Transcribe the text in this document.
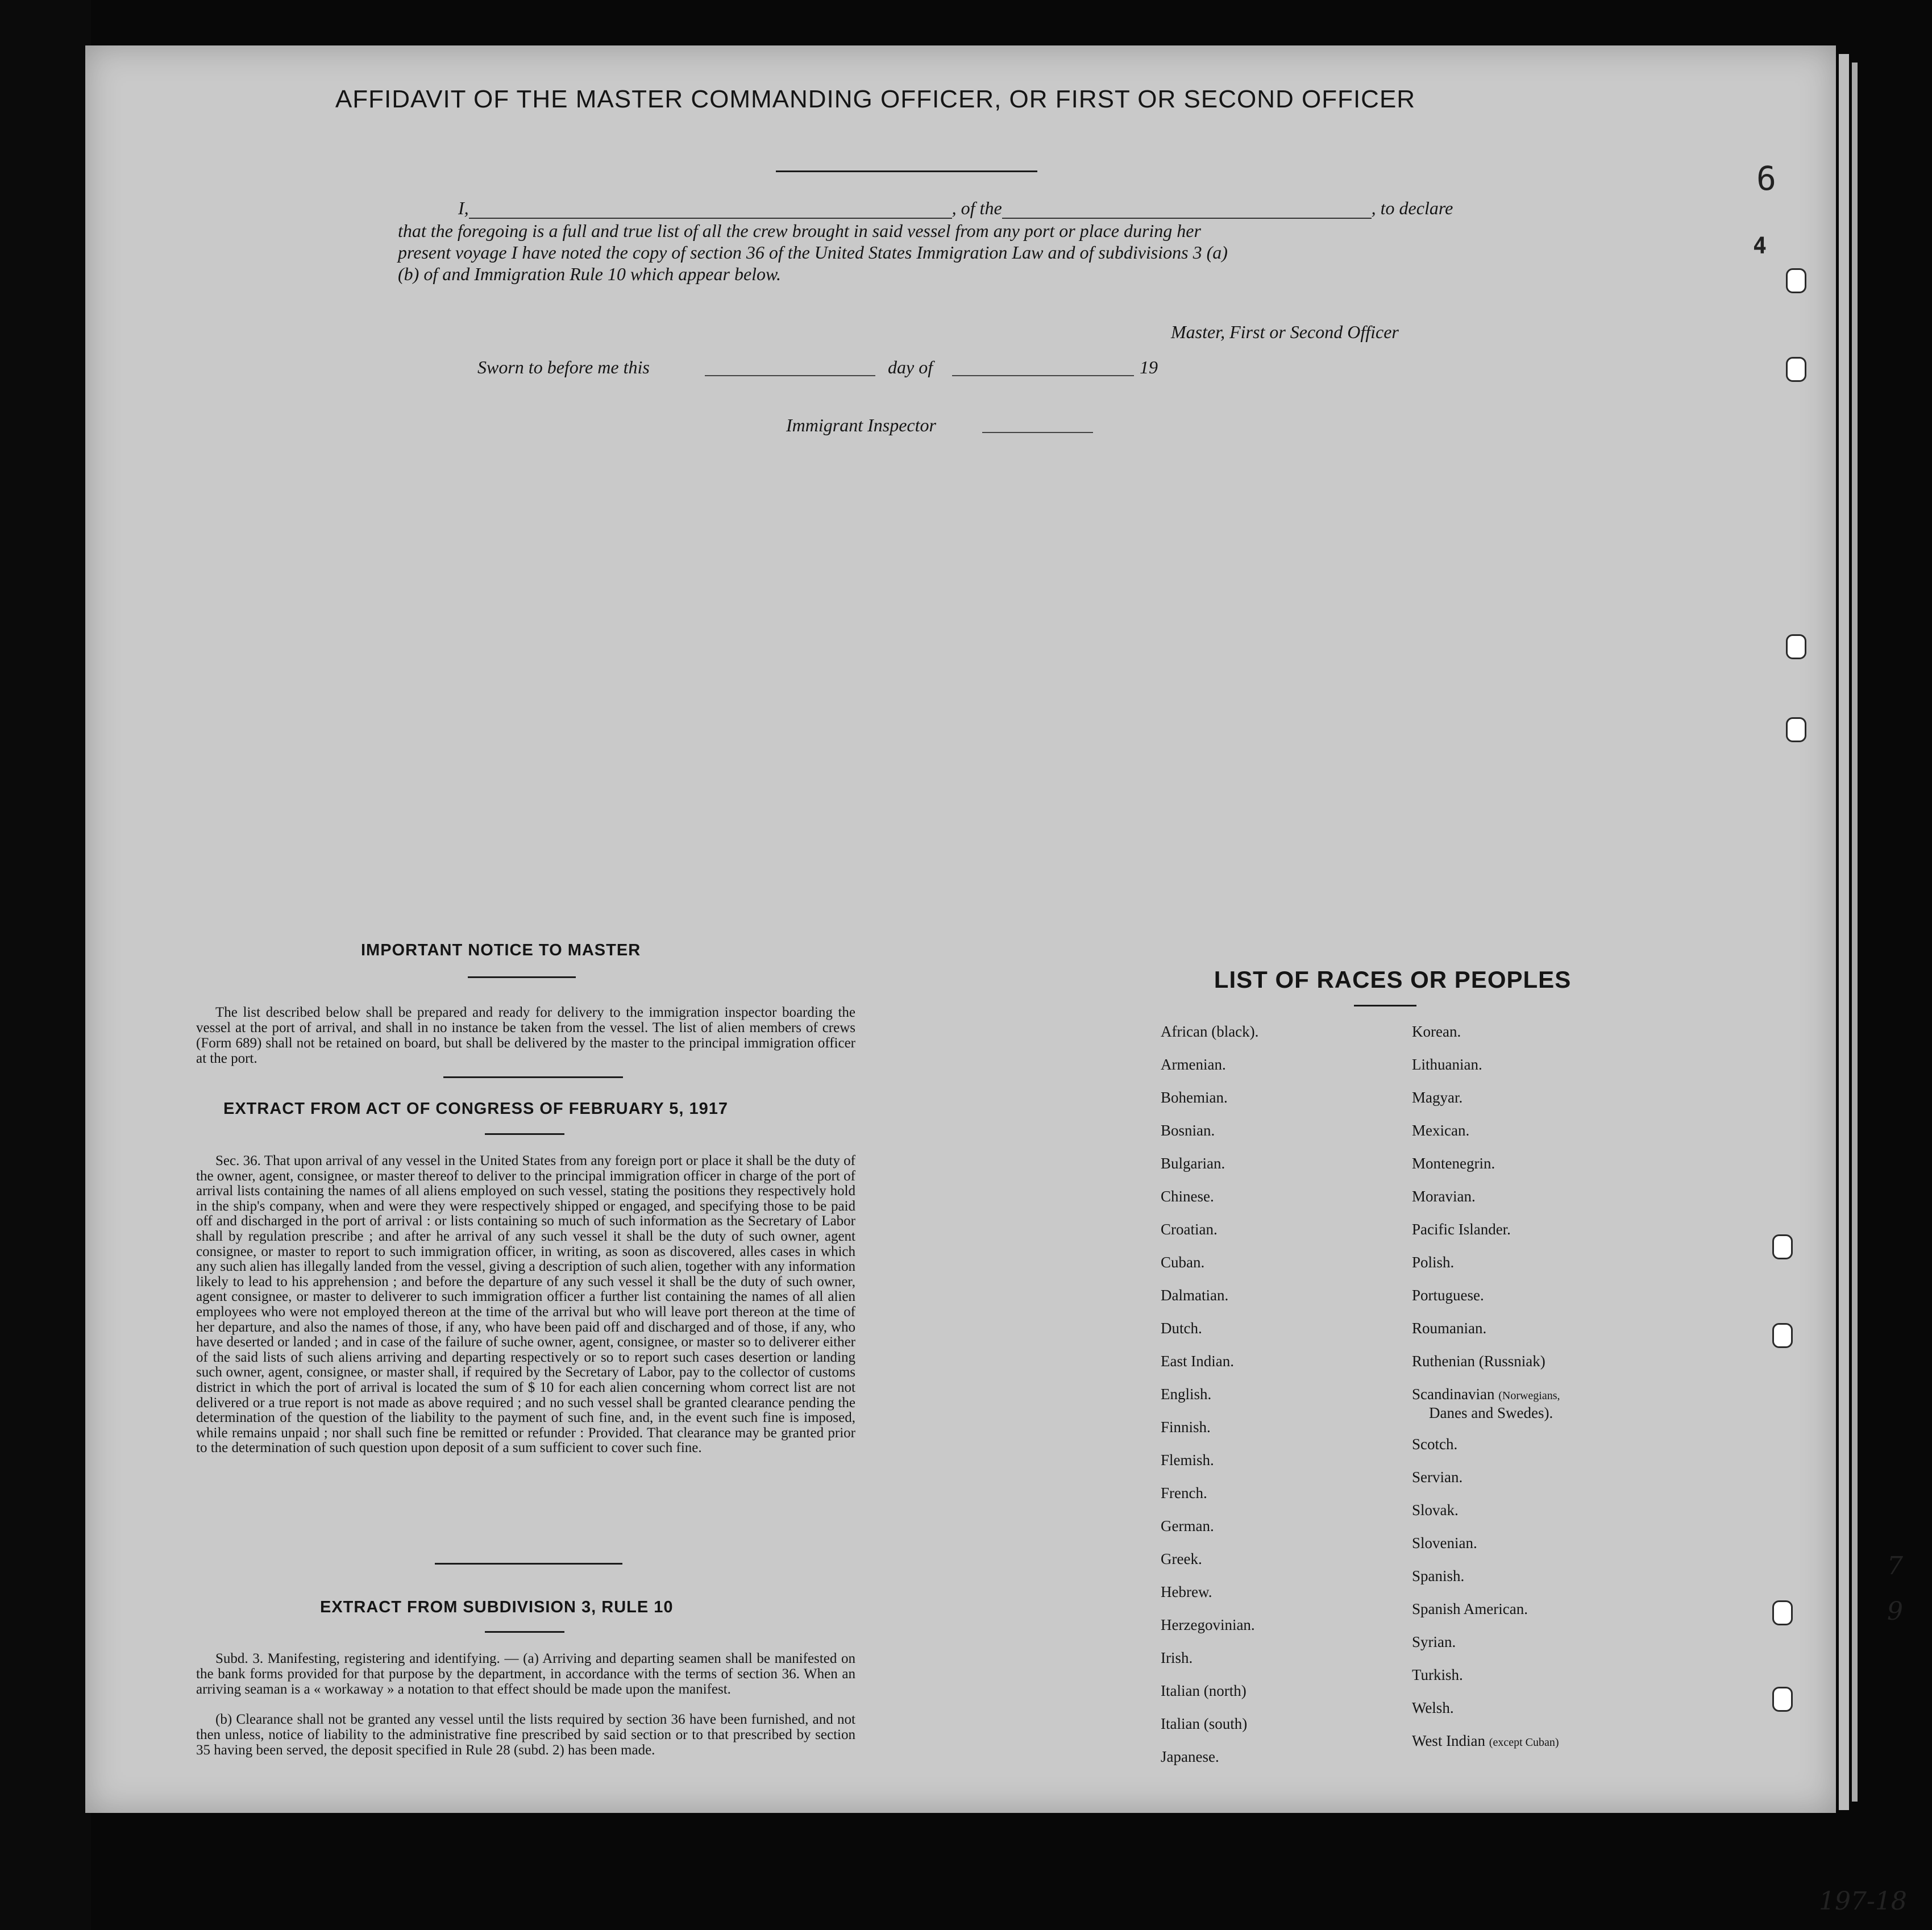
6
4
7
9
197-18
AFFIDAVIT OF THE MASTER COMMANDING OFFICER, OR FIRST OR SECOND OFFICER
I,	, of the	, to declare
that the foregoing is a full and true list of all the crew brought in said vessel from any port or place during her
present voyage I have noted the copy of section 36 of the United States Immigration Law and of subdivisions 3 (a)
(b) of and Immigration Rule 10 which appear below.
Master, First or Second Officer
Sworn to before me this	day of	19
Immigrant Inspector
IMPORTANT NOTICE TO MASTER
The list described below shall be prepared and ready for delivery to the immigration inspector boarding the vessel at the port of arrival, and shall in no instance be taken from the vessel. The list of alien members of crews (Form 689) shall not be retained on board, but shall be delivered by the master to the principal immigration officer at the port.
EXTRACT FROM ACT OF CONGRESS OF FEBRUARY 5, 1917
Sec. 36. That upon arrival of any vessel in the United States from any foreign port or place it shall be the duty of the owner, agent, consignee, or master thereof to deliver to the principal immigration officer in charge of the port of arrival lists containing the names of all aliens employed on such vessel, stating the positions they respectively hold in the ship's company, when and were they were respectively shipped or engaged, and specifying those to be paid off and discharged in the port of arrival : or lists containing so much of such information as the Secretary of Labor shall by regulation prescribe ; and after he arrival of any such vessel it shall be the duty of such owner, agent consignee, or master to report to such immigration officer, in writing, as soon as discovered, alles cases in which any such alien has illegally landed from the vessel, giving a description of such alien, together with any information likely to lead to his apprehension ; and before the departure of any such vessel it shall be the duty of such owner, agent consignee, or master to deliverer to such immigration officer a further list containing the names of all alien employees who were not employed thereon at the time of the arrival but who will leave port thereon at the time of her departure, and also the names of those, if any, who have been paid off and discharged and of those, if any, who have deserted or landed ; and in case of the failure of suche owner, agent, consignee, or master so to deliverer either of the said lists of such aliens arriving and departing respectively or so to report such cases desertion or landing such owner, agent, consignee, or master shall, if required by the Secretary of Labor, pay to the collector of customs district in which the port of arrival is located the sum of $ 10 for each alien concerning whom correct list are not delivered or a true report is not made as above required ; and no such vessel shall be granted clearance pending the determination of the question of the liability to the payment of such fine, and, in the event such fine is imposed, while remains unpaid ; nor shall such fine be remitted or refunder : Provided. That clearance may be granted prior to the determination of such question upon deposit of a sum sufficient to cover such fine.
EXTRACT FROM SUBDIVISION 3, RULE 10
Subd. 3. Manifesting, registering and identifying. — (a) Arriving and departing seamen shall be manifested on the bank forms provided for that purpose by the department, in accordance with the terms of section 36. When an arriving seaman is a « workaway » a notation to that effect should be made upon the manifest.
(b) Clearance shall not be granted any vessel until the lists required by section 36 have been furnished, and not then unless, notice of liability to the administrative fine prescribed by said section or to that prescribed by section 35 having been served, the deposit specified in Rule 28 (subd. 2) has been made.
LIST OF RACES OR PEOPLES
African (black).
Armenian.
Bohemian.
Bosnian.
Bulgarian.
Chinese.
Croatian.
Cuban.
Dalmatian.
Dutch.
East Indian.
English.
Finnish.
Flemish.
French.
German.
Greek.
Hebrew.
Herzegovinian.
Irish.
Italian (north)
Italian (south)
Japanese.
Korean.
Lithuanian.
Magyar.
Mexican.
Montenegrin.
Moravian.
Pacific Islander.
Polish.
Portuguese.
Roumanian.
Ruthenian (Russniak)
Scandinavian (Norwegians,
Danes and Swedes).
Scotch.
Servian.
Slovak.
Slovenian.
Spanish.
Spanish American.
Syrian.
Turkish.
Welsh.
West Indian (except Cuban)
